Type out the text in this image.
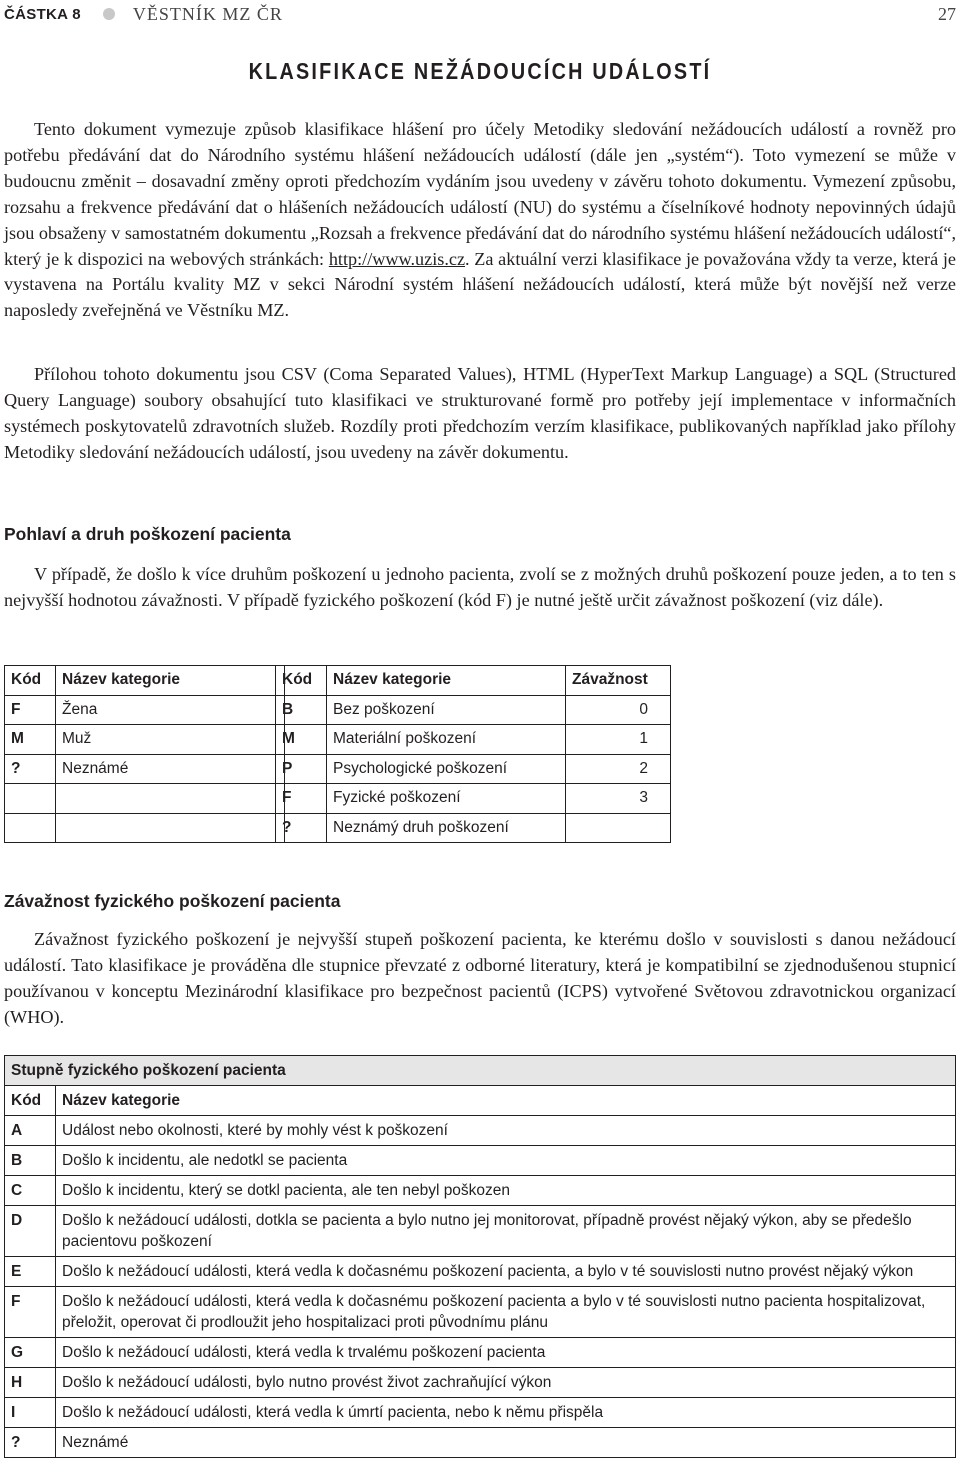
ČÁSTKA 8	VĚSTNÍK MZ ČR	27
KLASIFIKACE NEŽÁDOUCÍCH UDÁLOSTÍ
Tento dokument vymezuje způsob klasifikace hlášení pro účely Metodiky sledování nežádoucích událostí a rovněž pro potřebu předávání dat do Národního systému hlášení nežádoucích událostí (dále jen „systém“). Toto vymezení se může v budoucnu změnit – dosavadní změny oproti předchozím vydáním jsou uvedeny v závěru tohoto dokumentu. Vymezení způsobu, rozsahu a frekvence předávání dat o hlášeních nežádoucích událostí (NU) do systému a číselníkové hodnoty nepovinných údajů jsou obsaženy v samostatném dokumentu „Rozsah a frekvence předávání dat do národního systému hlášení nežádoucích událostí“, který je k dispozici na webových stránkách: http://www.uzis.cz. Za aktuální verzi klasifikace je považována vždy ta verze, která je vystavena na Portálu kvality MZ v sekci Národní systém hlášení nežádoucích událostí, která může být novější než verze naposledy zveřejněná ve Věstníku MZ.
Přílohou tohoto dokumentu jsou CSV (Coma Separated Values), HTML (HyperText Markup Language) a SQL (Structured Query Language) soubory obsahující tuto klasifikaci ve strukturované formě pro potřeby její implementace v informačních systémech poskytovatelů zdravotních služeb. Rozdíly proti předchozím verzím klasifikace, publikovaných například jako přílohy Metodiky sledování nežádoucích událostí, jsou uvedeny na závěr dokumentu.
Pohlaví a druh poškození pacienta
V případě, že došlo k více druhům poškození u jednoho pacienta, zvolí se z možných druhů poškození pouze jeden, a to ten s nejvyšší hodnotou závažnosti. V případě fyzického poškození (kód F) je nutné ještě určit závažnost poškození (viz dále).
Kód	Název kategorie
F	Žena
M	Muž
?	Neznámé

Kód	Název kategorie	Závažnost
B	Bez poškození	0
M	Materiální poškození	1
P	Psychologické poškození	2
F	Fyzické poškození	3
?	Neznámý druh poškození	
Závažnost fyzického poškození pacienta
Závažnost fyzického poškození je nejvyšší stupeň poškození pacienta, ke kterému došlo v souvislosti s danou nežádoucí událostí. Tato klasifikace je prováděna dle stupnice převzaté z odborné literatury, která je kompatibilní se zjednodušenou stupnicí používanou v konceptu Mezinárodní klasifikace pro bezpečnost pacientů (ICPS) vytvořené Světovou zdravotnickou organizací (WHO).
Stupně fyzického poškození pacienta	
Kód	Název kategorie
A	Událost nebo okolnosti, které by mohly vést k poškození
B	Došlo k incidentu, ale nedotkl se pacienta
C	Došlo k incidentu, který se dotkl pacienta, ale ten nebyl poškozen
D	Došlo k nežádoucí události, dotkla se pacienta a bylo nutno jej monitorovat, případně provést nějaký výkon, aby se předešlo pacientovu poškození
E	Došlo k nežádoucí události, která vedla k dočasnému poškození pacienta, a bylo v té souvislosti nutno provést nějaký výkon
F	Došlo k nežádoucí události, která vedla k dočasnému poškození pacienta a bylo v té souvislosti nutno pacienta hospitalizovat, přeložit, operovat či prodloužit jeho hospitalizaci proti původnímu plánu
G	Došlo k nežádoucí události, která vedla k trvalému poškození pacienta
H	Došlo k nežádoucí události, bylo nutno provést život zachraňující výkon
I	Došlo k nežádoucí události, která vedla k úmrtí pacienta, nebo k němu přispěla
?	Neznámé
